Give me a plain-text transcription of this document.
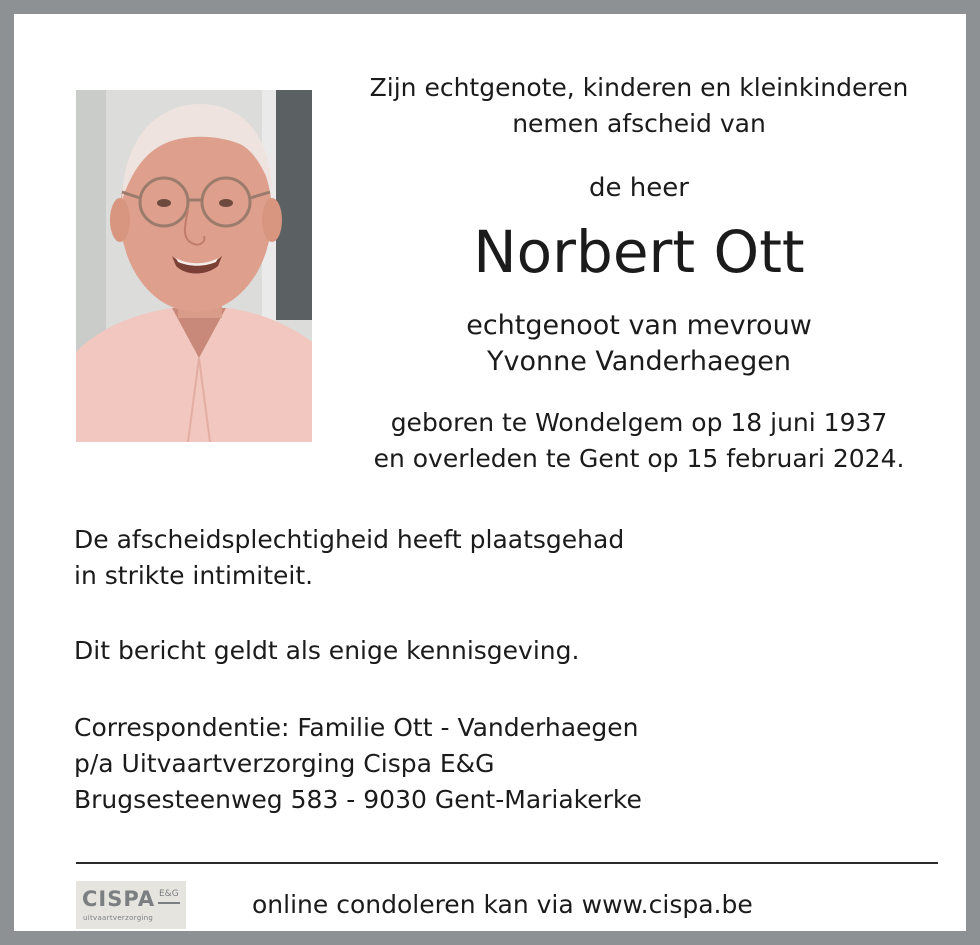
Zijn echtgenote, kinderen en kleinkinderen
nemen afscheid van
de heer
Norbert Ott
echtgenoot van mevrouw
Yvonne Vanderhaegen
geboren te Wondelgem op 18 juni 1937
en overleden te Gent op 15 februari 2024.
De afscheidsplechtigheid heeft plaatsgehad
in strikte intimiteit.
Dit bericht geldt als enige kennisgeving.
Correspondentie: Familie Ott - Vanderhaegen
p/a Uitvaartverzorging Cispa E&G
Brugsesteenweg 583 - 9030 Gent-Mariakerke
CISPA E&G
uitvaartverzorging	online condoleren kan via www.cispa.be
